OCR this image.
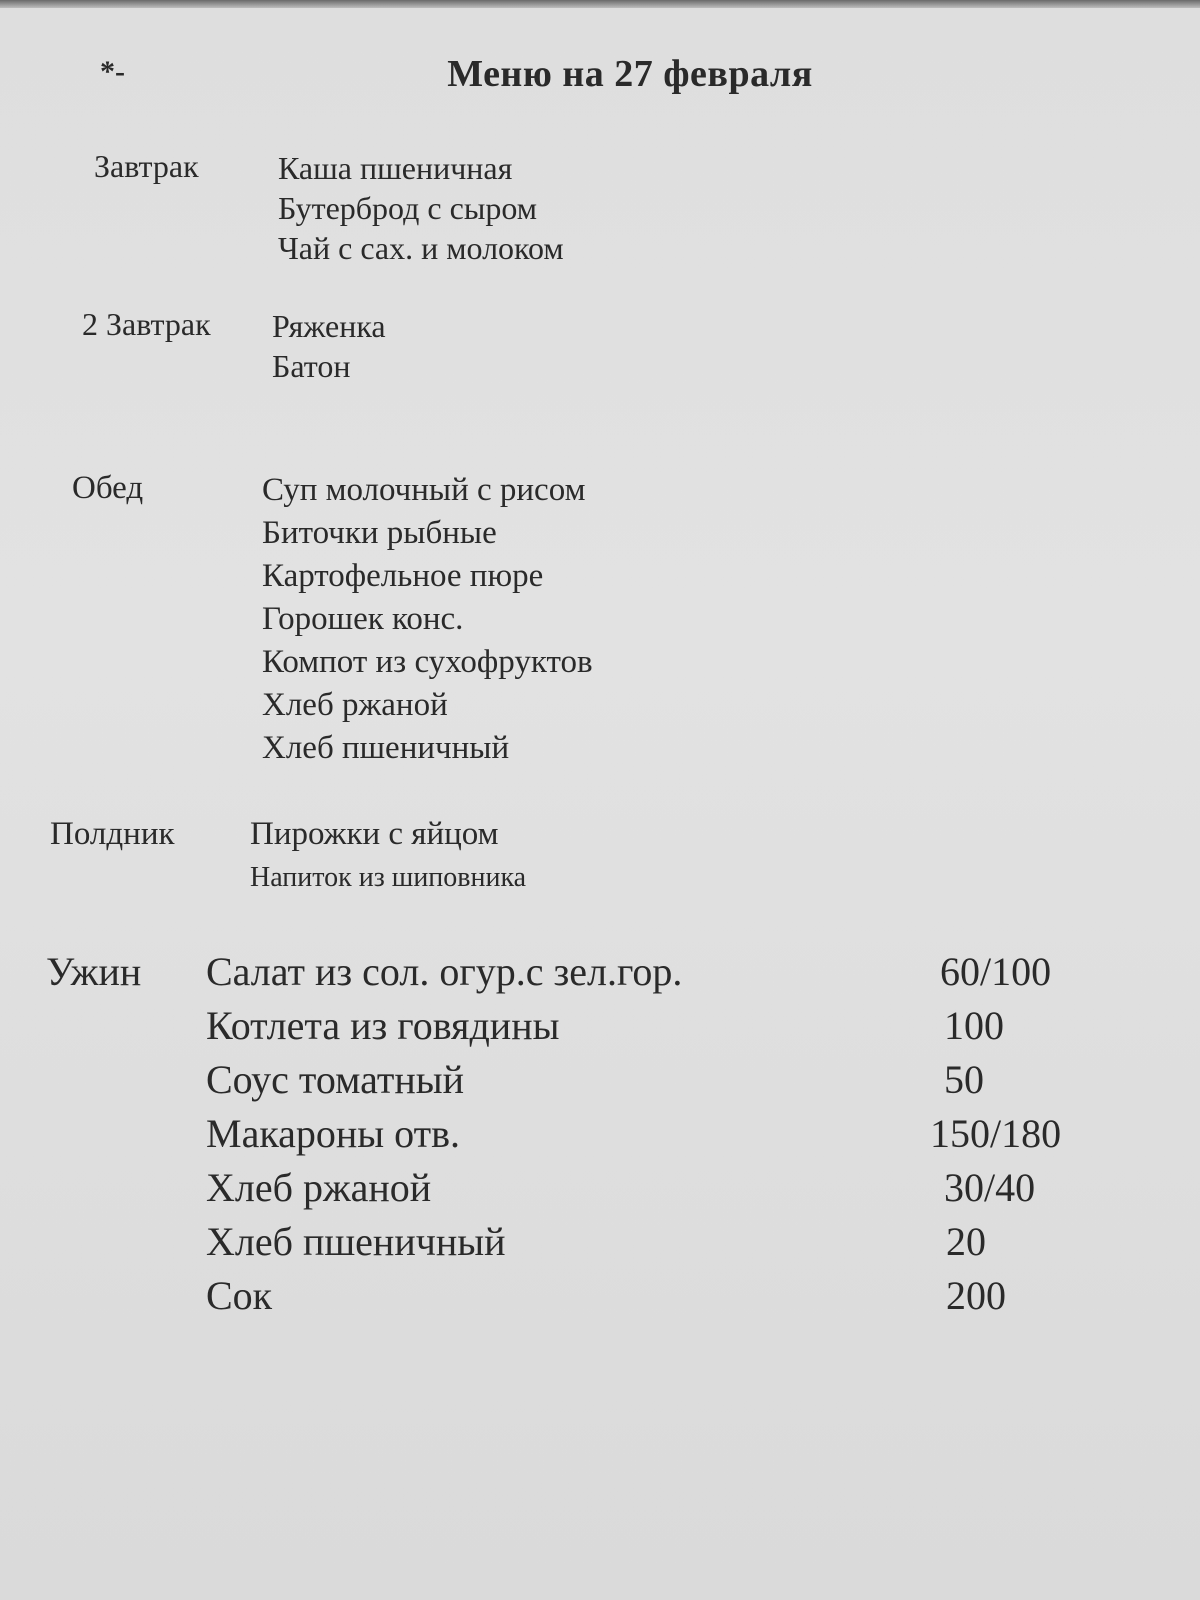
*-	Меню на 27 февраля
Завтрак Каша пшеничная
Бутерброд с сыром
Чай с сах. и молоком
2 Завтрак Ряженка
Батон
Обед	Суп молочный с рисом
Биточки рыбные
Картофельное пюре
Горошек конс.
Компот из сухофруктов
Хлеб ржаной
Хлеб пшеничный
Полдник Пирожки с яйцом
Напиток из шиповника
Ужин Салат из сол. огур.с зел.гор.	60/100
Котлета из говядины	100
Соус томатный	50
Макароны отв.	150/180
Хлеб ржаной	30/40
Хлеб пшеничный	20
Сок	200
